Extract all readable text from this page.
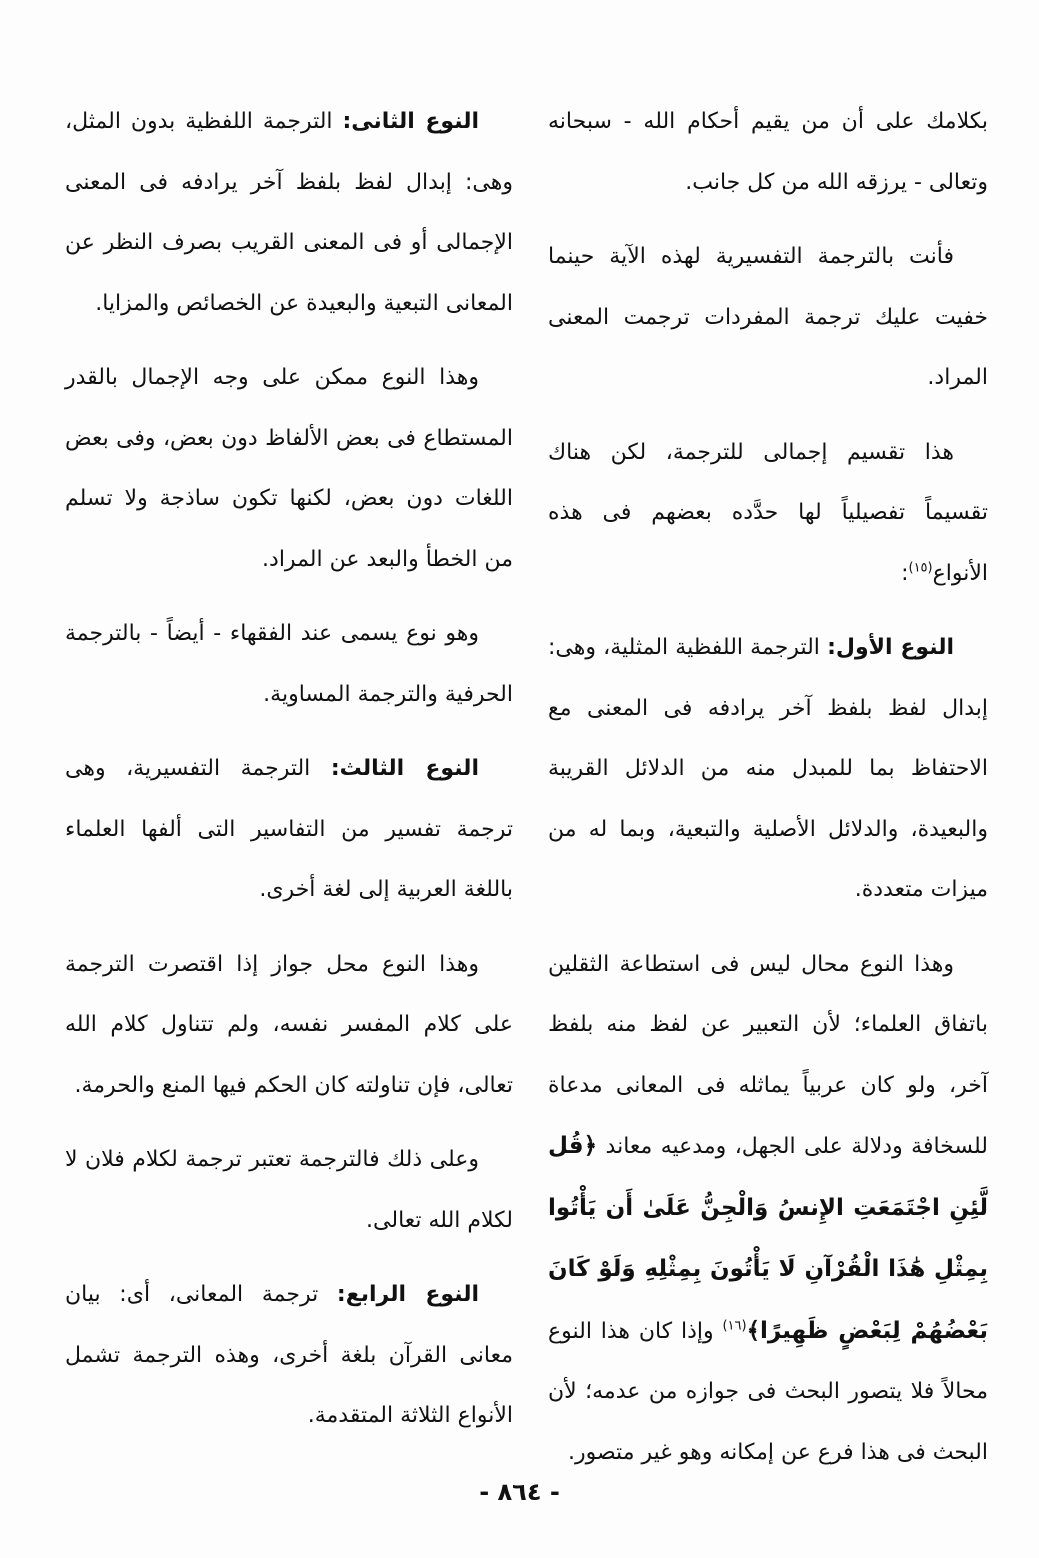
بكلامك على أن من يقيم أحكام الله - سبحانه وتعالى - يرزقه الله من كل جانب.

فأنت بالترجمة التفسيرية لهذه الآية حينما خفيت عليك ترجمة المفردات ترجمت المعنى المراد.

هذا تقسيم إجمالى للترجمة، لكن هناك تقسيماً تفصيلياً لها حدَّده بعضهم فى هذه الأنواع$^{(١٥)}$:

النوع الأول: الترجمة اللفظية المثلية، وهى: إبدال لفظ بلفظ آخر يرادفه فى المعنى مع الاحتفاظ بما للمبدل منه من الدلائل القريبة والبعيدة، والدلائل الأصلية والتبعية، وبما له من ميزات متعددة.

وهذا النوع محال ليس فى استطاعة الثقلين باتفاق العلماء؛ لأن التعبير عن لفظ منه بلفظ آخر، ولو كان عربياً يماثله فى المعانى مدعاة للسخافة ودلالة على الجهل، ومدعيه معاند ﴿قُل لَّئِنِ اجْتَمَعَتِ الإِنسُ وَالْجِنُّ عَلَىٰ أَن يَأْتُوا بِمِثْلِ هَٰذَا الْقُرْآنِ لَا يَأْتُونَ بِمِثْلِهِ وَلَوْ كَانَ بَعْضُهُمْ لِبَعْضٍ ظَهِيرًا﴾$^{(١٦)}$ وإذا كان هذا النوع محالاً فلا يتصور البحث فى جوازه من عدمه؛ لأن البحث فى هذا فرع عن إمكانه وهو غير متصور.

النوع الثانى: الترجمة اللفظية بدون المثل، وهى: إبدال لفظ بلفظ آخر يرادفه فى المعنى الإجمالى أو فى المعنى القريب بصرف النظر عن المعانى التبعية والبعيدة عن الخصائص والمزايا.

وهذا النوع ممكن على وجه الإجمال بالقدر المستطاع فى بعض الألفاظ دون بعض، وفى بعض اللغات دون بعض، لكنها تكون ساذجة ولا تسلم من الخطأ والبعد عن المراد.

وهو نوع يسمى عند الفقهاء - أيضاً - بالترجمة الحرفية والترجمة المساوية.

النوع الثالث: الترجمة التفسيرية، وهى ترجمة تفسير من التفاسير التى ألفها العلماء باللغة العربية إلى لغة أخرى.

وهذا النوع محل جواز إذا اقتصرت الترجمة على كلام المفسر نفسه، ولم تتناول كلام الله تعالى، فإن تناولته كان الحكم فيها المنع والحرمة.

وعلى ذلك فالترجمة تعتبر ترجمة لكلام فلان لا لكلام الله تعالى.

النوع الرابع: ترجمة المعانى، أى: بيان معانى القرآن بلغة أخرى، وهذه الترجمة تشمل الأنواع الثلاثة المتقدمة.

- ٨٦٤ -
